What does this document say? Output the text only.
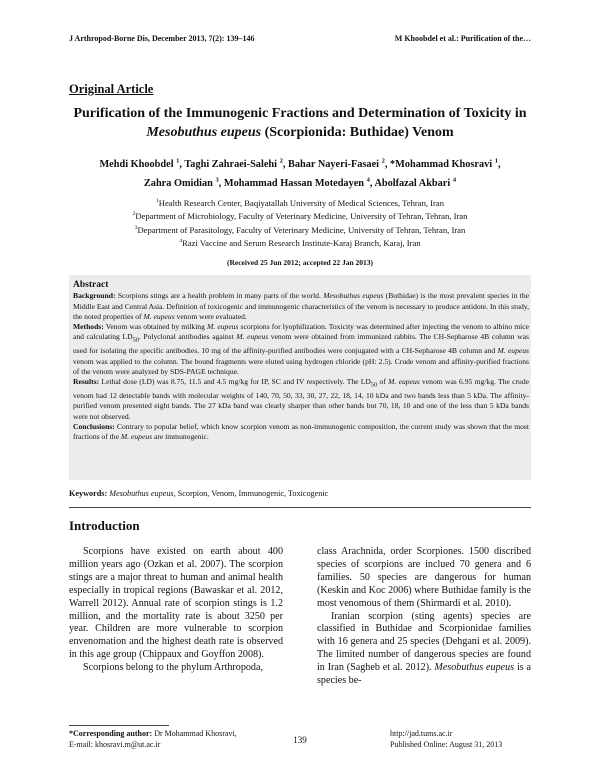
J Arthropod-Borne Dis, December 2013, 7(2): 139–146	M Khoobdel et al.: Purification of the…
Original Article
Purification of the Immunogenic Fractions and Determination of Toxicity in Mesobuthus eupeus (Scorpionida: Buthidae) Venom
Mehdi Khoobdel $^1$, Taghi Zahraei-Salehi $^2$, Bahar Nayeri-Fasaei $^2$, *Mohammad Khosravi $^1$,
Zahra Omidian $^3$, Mohammad Hassan Motedayen $^4$, Abolfazal Akbari $^4$
$^1$Health Research Center, Baqiyatallah University of Medical Sciences, Tehran, Iran
$^2$Department of Microbiology, Faculty of Veterinary Medicine, University of Tehran, Tehran, Iran
$^3$Department of Parasitology, Faculty of Veterinary Medicine, University of Tehran, Tehran, Iran
$^4$Razi Vaccine and Serum Research Institute-Karaj Branch, Karaj, Iran
(Received 25 Jun 2012; accepted 22 Jan 2013)
Abstract

Background: Scorpions stings are a health problem in many parts of the world. Mesobuthus eupeus (Buthidae) is the most prevalent species in the Middle East and Central Asia. Definition of toxicogenic and immunogenic characteristics of the venom is necessary to produce antidote. In this study, the noted properties of M. eupeus venom were evaluated.

Methods: Venom was obtained by milking M. eupeus scorpions for lyophilization. Toxicity was determined after injecting the venom to albino mice and calculating $LD_{50}$. Polyclonal antibodies against M. eupeus venom were obtained from immunized rabbits. The CH-Sepharose 4B column was used for isolating the specific antibodies. 10 mg of the affinity-purified antibodies were conjugated with a CH-Sepharose 4B column and M. eupeus venom was applied to the column. The bound fragments were eluted using hydrogen chloride (pH: 2.5). Crude venom and affinity-purified fractions of the venom were analyzed by SDS-PAGE technique.

Results: Lethal dose (LD) was 8.75, 11.5 and 4.5 mg/kg for IP, SC and IV respectively. The $LD_{50}$ of M. eupeus venom was 6.95 mg/kg. The crude venom had 12 detectable bands with molecular weights of 140, 70, 50, 33, 30, 27, 22, 18, 14, 10 kDa and two bands less than 5 kDa. The affinity-purified venom presented eight bands. The 27 kDa band was clearly sharper than other bands but 70, 18, 10 and one of the less than 5 kDa bands were not observed.

Conclusions: Contrary to popular belief, which know scorpion venom as non-immunogenic composition, the current study was shown that the most fractions of the M. eupeus are immunogenic.

Keywords: Mesobuthus eupeus, Scorpion, Venom, Immunogenic, Toxicogenic
Introduction

Scorpions have existed on earth about 400 million years ago (Ozkan et al. 2007). The scorpion stings are a major threat to human and animal health especially in tropical regions (Bawaskar et al. 2012, Warrell 2012). Annual rate of scorpion stings is 1.2 million, and the mortality rate is about 3250 per year. Children are more vulnerable to scorpion envenomation and the highest death rate is observed in this age group (Chippaux and Goyffon 2008).

Scorpions belong to the phylum Arthropoda,

class Arachnida, order Scorpiones. 1500 discribed species of scorpions are inclued 70 genera and 6 families. 50 species are dangerous for human (Keskin and Koc 2006) where Buthidae family is the most venomous of them (Shirmardi et al. 2010).

Iranian scorpion (sting agents) species are classified in Buthidae and Scorpionidae families with 16 genera and 25 species (Dehgani et al. 2009). The limited number of dangerous species are found in Iran (Sagheb et al. 2012). Mesobuthus eupeus is a species be-

*Corresponding author: Dr Mohammad Khosravi,
E-mail: khosravi.m@ut.ac.ir	139
http://jad.tums.ac.ir
Published Online: August 31, 2013
